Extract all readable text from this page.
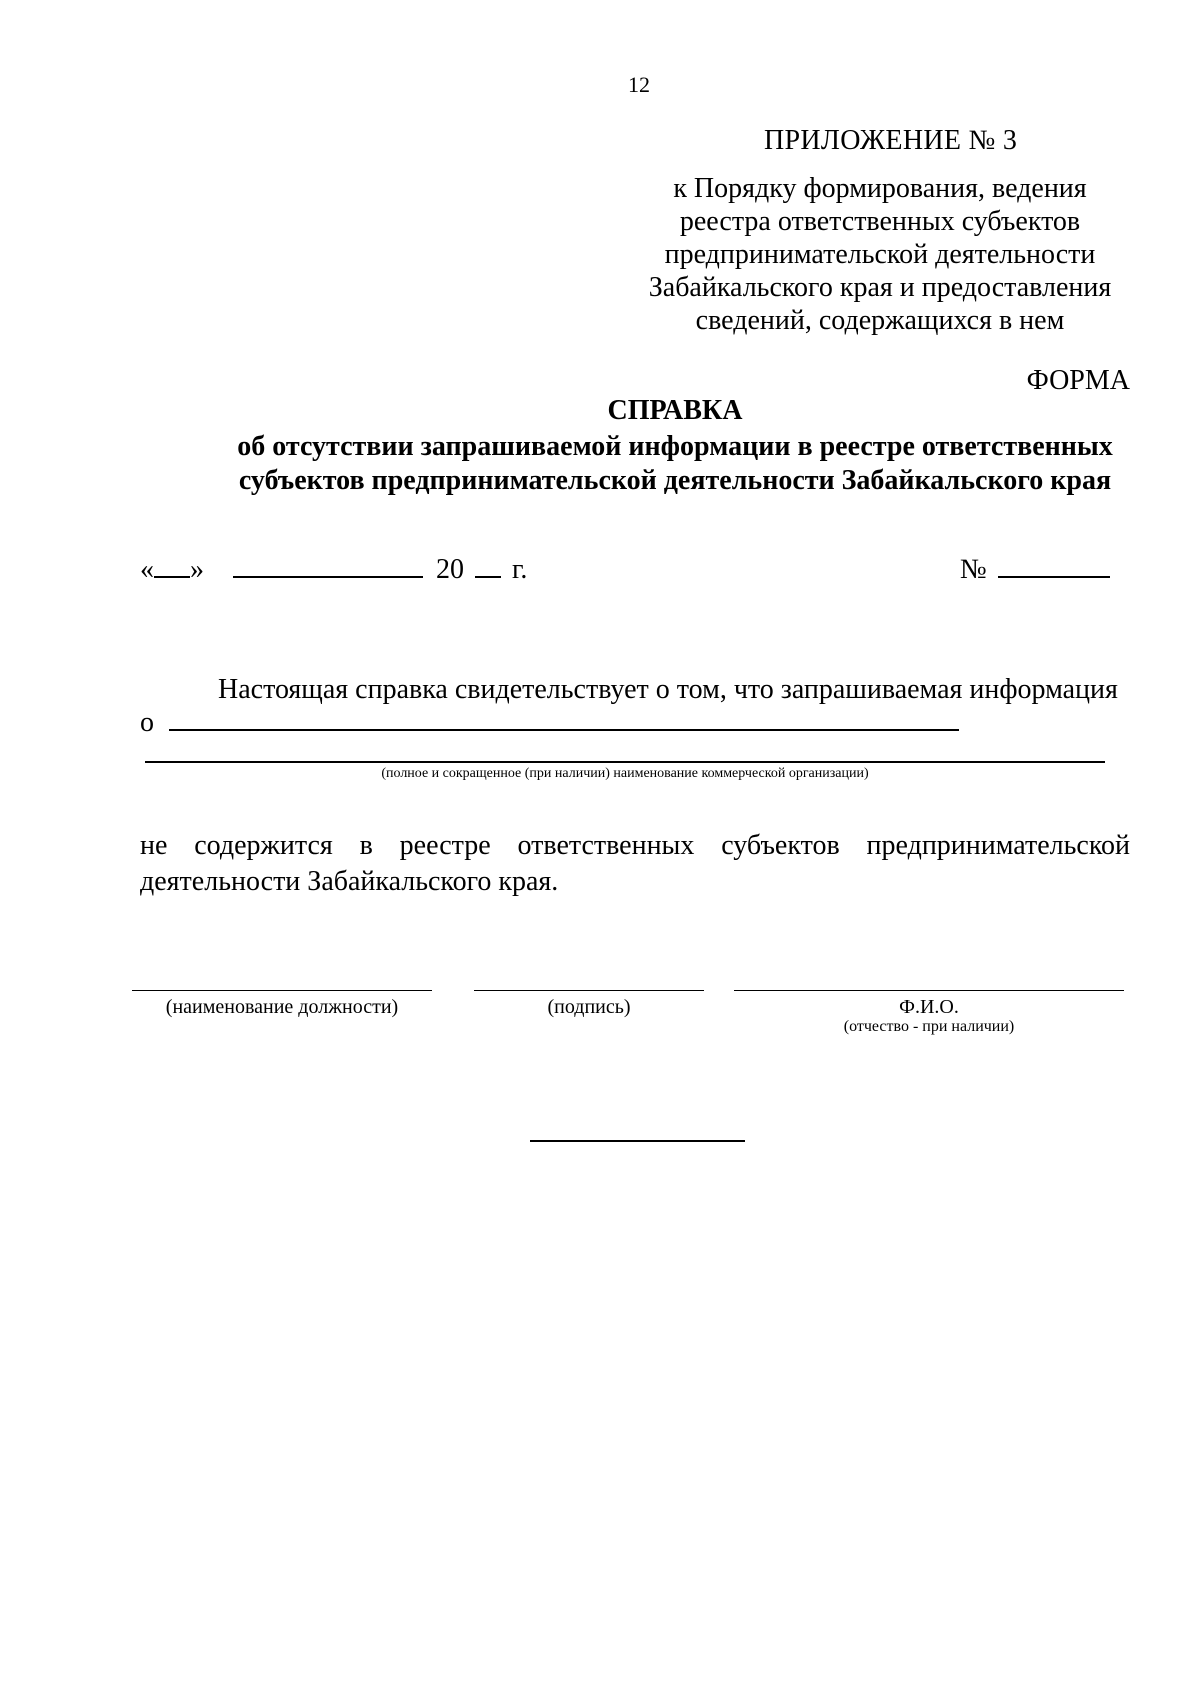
12
ПРИЛОЖЕНИЕ № 3
к Порядку формирования, ведения реестра ответственных субъектов предпринимательской деятельности Забайкальского края и предоставления сведений, содержащихся в нем
ФОРМА
СПРАВКА
об отсутствии запрашиваемой информации в реестре ответственных субъектов предпринимательской деятельности Забайкальского края
« »	20 г.	№
Настоящая справка свидетельствует о том, что запрашиваемая информация
о
(полное и сокращенное (при наличии) наименование коммерческой организации)
не содержится в реестре ответственных субъектов предпринимательской деятельности Забайкальского края.
(наименование должности)	(подпись)	Ф.И.О.
(отчество - при наличии)
